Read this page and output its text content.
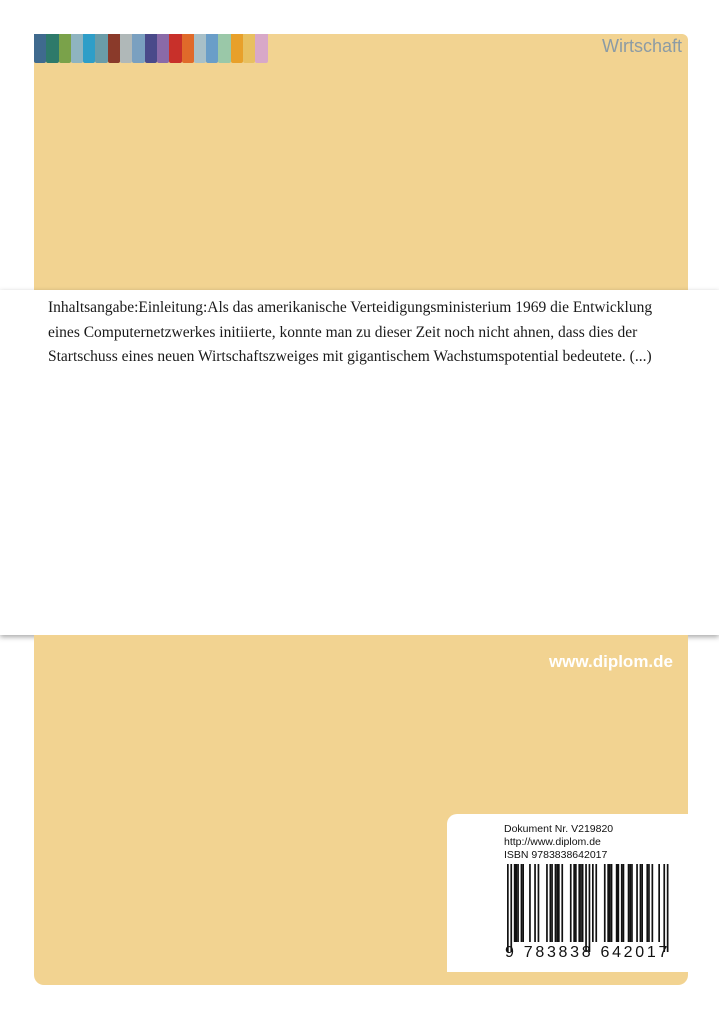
Wirtschaft

Inhaltsangabe:Einleitung:Als das amerikanische Verteidigungsministerium 1969 die Entwicklung eines Computernetzwerkes initiierte, konnte man zu dieser Zeit noch nicht ahnen, dass dies der Startschuss eines neuen Wirtschaftszweiges mit gigantischem Wachstumspotential bedeutete. (...)

www.diplom.de
Dokument Nr. V219820
http://www.diplom.de
ISBN 9783838642017
9 783838 642017
